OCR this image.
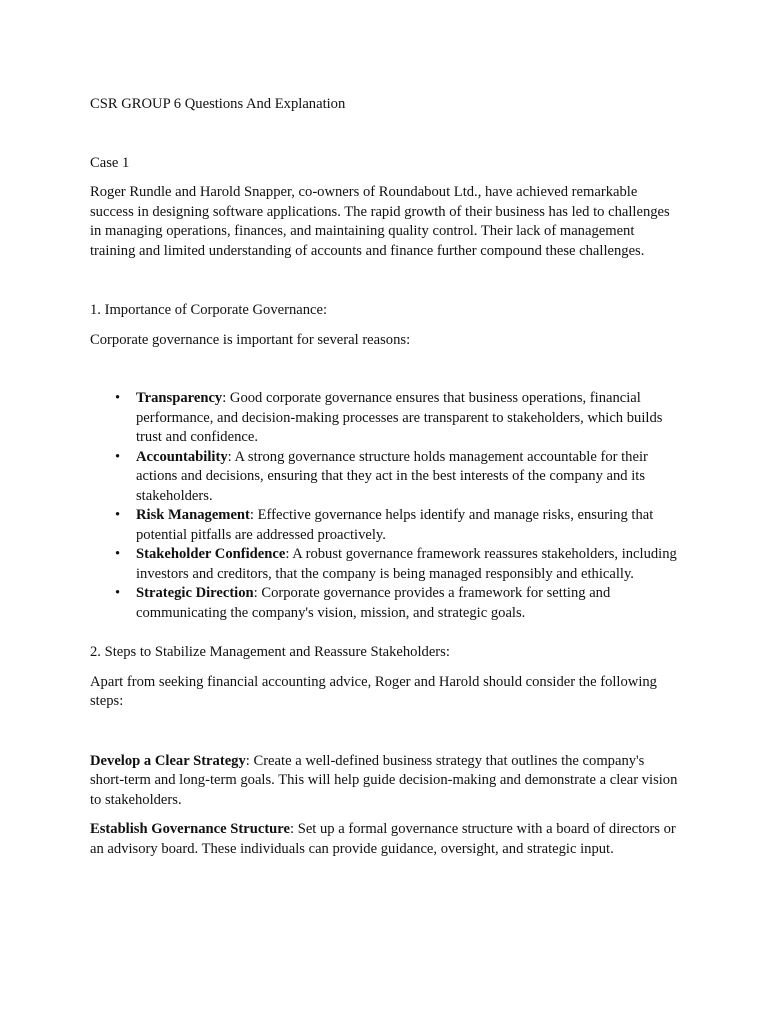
CSR GROUP 6 Questions And Explanation
Case 1
Roger Rundle and Harold Snapper, co-owners of Roundabout Ltd., have achieved remarkable success in designing software applications. The rapid growth of their business has led to challenges in managing operations, finances, and maintaining quality control. Their lack of management training and limited understanding of accounts and finance further compound these challenges.
1. Importance of Corporate Governance:
Corporate governance is important for several reasons:
• Transparency: Good corporate governance ensures that business operations, financial performance, and decision-making processes are transparent to stakeholders, which builds trust and confidence.
• Accountability: A strong governance structure holds management accountable for their actions and decisions, ensuring that they act in the best interests of the company and its stakeholders.
• Risk Management: Effective governance helps identify and manage risks, ensuring that potential pitfalls are addressed proactively.
• Stakeholder Confidence: A robust governance framework reassures stakeholders, including investors and creditors, that the company is being managed responsibly and ethically.
• Strategic Direction: Corporate governance provides a framework for setting and communicating the company's vision, mission, and strategic goals.
2. Steps to Stabilize Management and Reassure Stakeholders:
Apart from seeking financial accounting advice, Roger and Harold should consider the following steps:
Develop a Clear Strategy: Create a well-defined business strategy that outlines the company's short-term and long-term goals. This will help guide decision-making and demonstrate a clear vision to stakeholders.
Establish Governance Structure: Set up a formal governance structure with a board of directors or an advisory board. These individuals can provide guidance, oversight, and strategic input.
